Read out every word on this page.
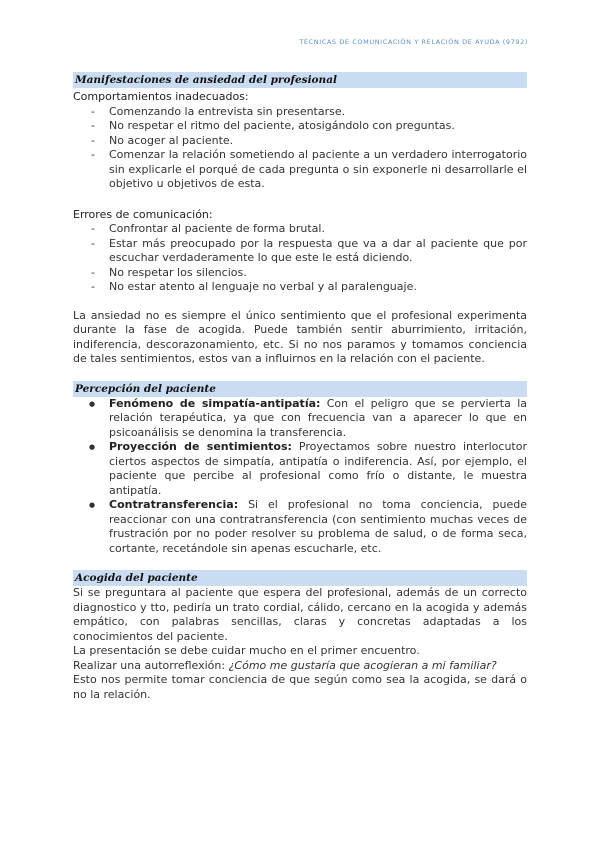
TÉCNICAS DE COMUNICACIÓN Y RELACIÓN DE AYUDA (9792)
Manifestaciones de ansiedad del profesional
Comportamientos inadecuados:
- Comenzando la entrevista sin presentarse.
- No respetar el ritmo del paciente, atosigándolo con preguntas.
- No acoger al paciente.
- Comenzar la relación sometiendo al paciente a un verdadero interrogatorio sin explicarle el porqué de cada pregunta o sin exponerle ni desarrollarle el objetivo u objetivos de esta.
Errores de comunicación:
- Confrontar al paciente de forma brutal.
- Estar más preocupado por la respuesta que va a dar al paciente que por escuchar verdaderamente lo que este le está diciendo.
- No respetar los silencios.
- No estar atento al lenguaje no verbal y al paralenguaje.

La ansiedad no es siempre el único sentimiento que el profesional experimenta durante la fase de acogida. Puede también sentir aburrimiento, irritación, indiferencia, descorazonamiento, etc. Si no nos paramos y tomamos conciencia de tales sentimientos, estos van a influirnos en la relación con el paciente.

Percepción del paciente
● Fenómeno de simpatía-antipatía: Con el peligro que se pervierta la relación terapéutica, ya que con frecuencia van a aparecer lo que en psicoanálisis se denomina la transferencia.
● Proyección de sentimientos: Proyectamos sobre nuestro interlocutor ciertos aspectos de simpatía, antipatía o indiferencia. Así, por ejemplo, el paciente que percibe al profesional como frío o distante, le muestra antipatía.
● Contratransferencia: Si el profesional no toma conciencia, puede reaccionar con una contratransferencia (con sentimiento muchas veces de frustración por no poder resolver su problema de salud, o de forma seca, cortante, recetándole sin apenas escucharle, etc.
Acogida del paciente

Si se preguntara al paciente que espera del profesional, además de un correcto diagnostico y tto, pediría un trato cordial, cálido, cercano en la acogida y además empático, con palabras sencillas, claras y concretas adaptadas a los conocimientos del paciente.

La presentación se debe cuidar mucho en el primer encuentro.

Realizar una autorreflexión: ¿Cómo me gustaría que acogieran a mi familiar?

Esto nos permite tomar conciencia de que según como sea la acogida, se dará o no la relación.
